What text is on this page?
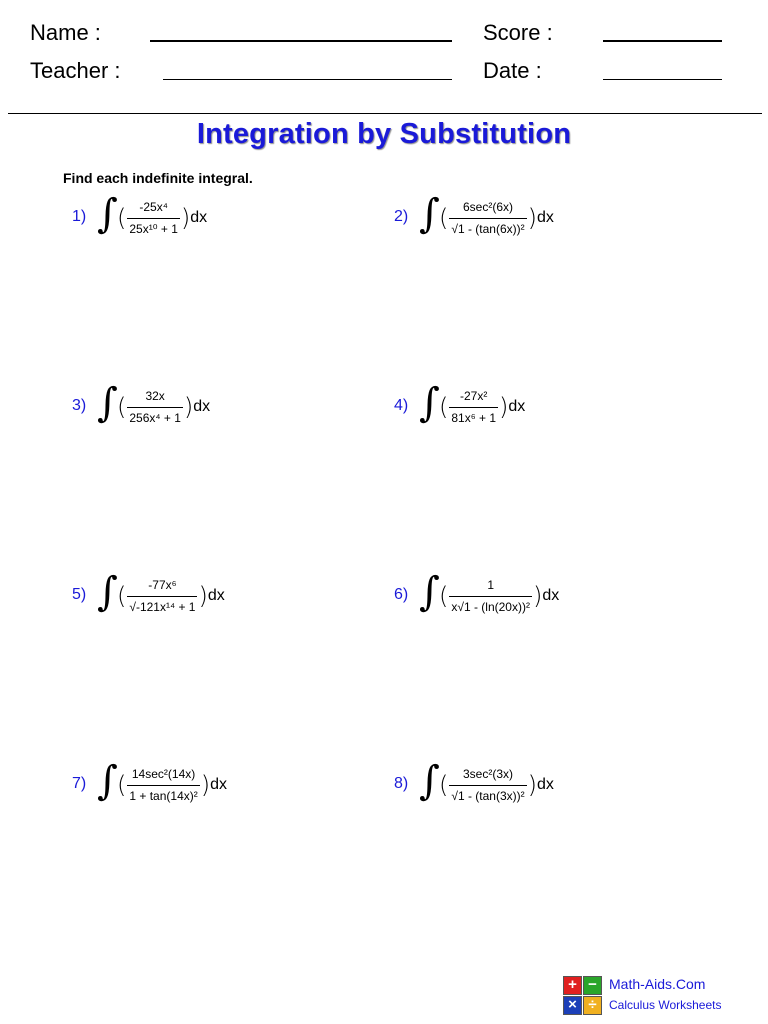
Name :
Teacher :
Score :
Date :
Integration by Substitution
Find each indefinite integral.
1) ∫ ( $\frac{\text{-25x⁴}}{\text{25x¹⁰ + 1}} )dx$	2) ∫ ( $\frac{\text{6sec²(6x)}}{\text{√1 - (tan(6x))²}} )dx$
3) ∫ ( $\frac{32x}{\text{256x⁴ + 1}} )dx$	4) ∫ ( $\frac{\text{-27x²}}{\text{81x⁶ + 1}} )dx$
5) ∫ ( $\frac{\text{-77x⁶}}{\text{√-121x¹⁴ + 1}} )dx$	6) ∫ ( $\frac{1}{\text{x√1 - (ln(20x))²}} )dx$
7) ∫ ( $\frac{\text{14sec²(14x)}}{\text{1 + tan(14x)²}} )dx$	8) ∫ ( $\frac{\text{3sec²(3x)}}{\text{√1 - (tan(3x))²}} )dx$
+ −
× ÷
Math-Aids.Com
Calculus Worksheets
